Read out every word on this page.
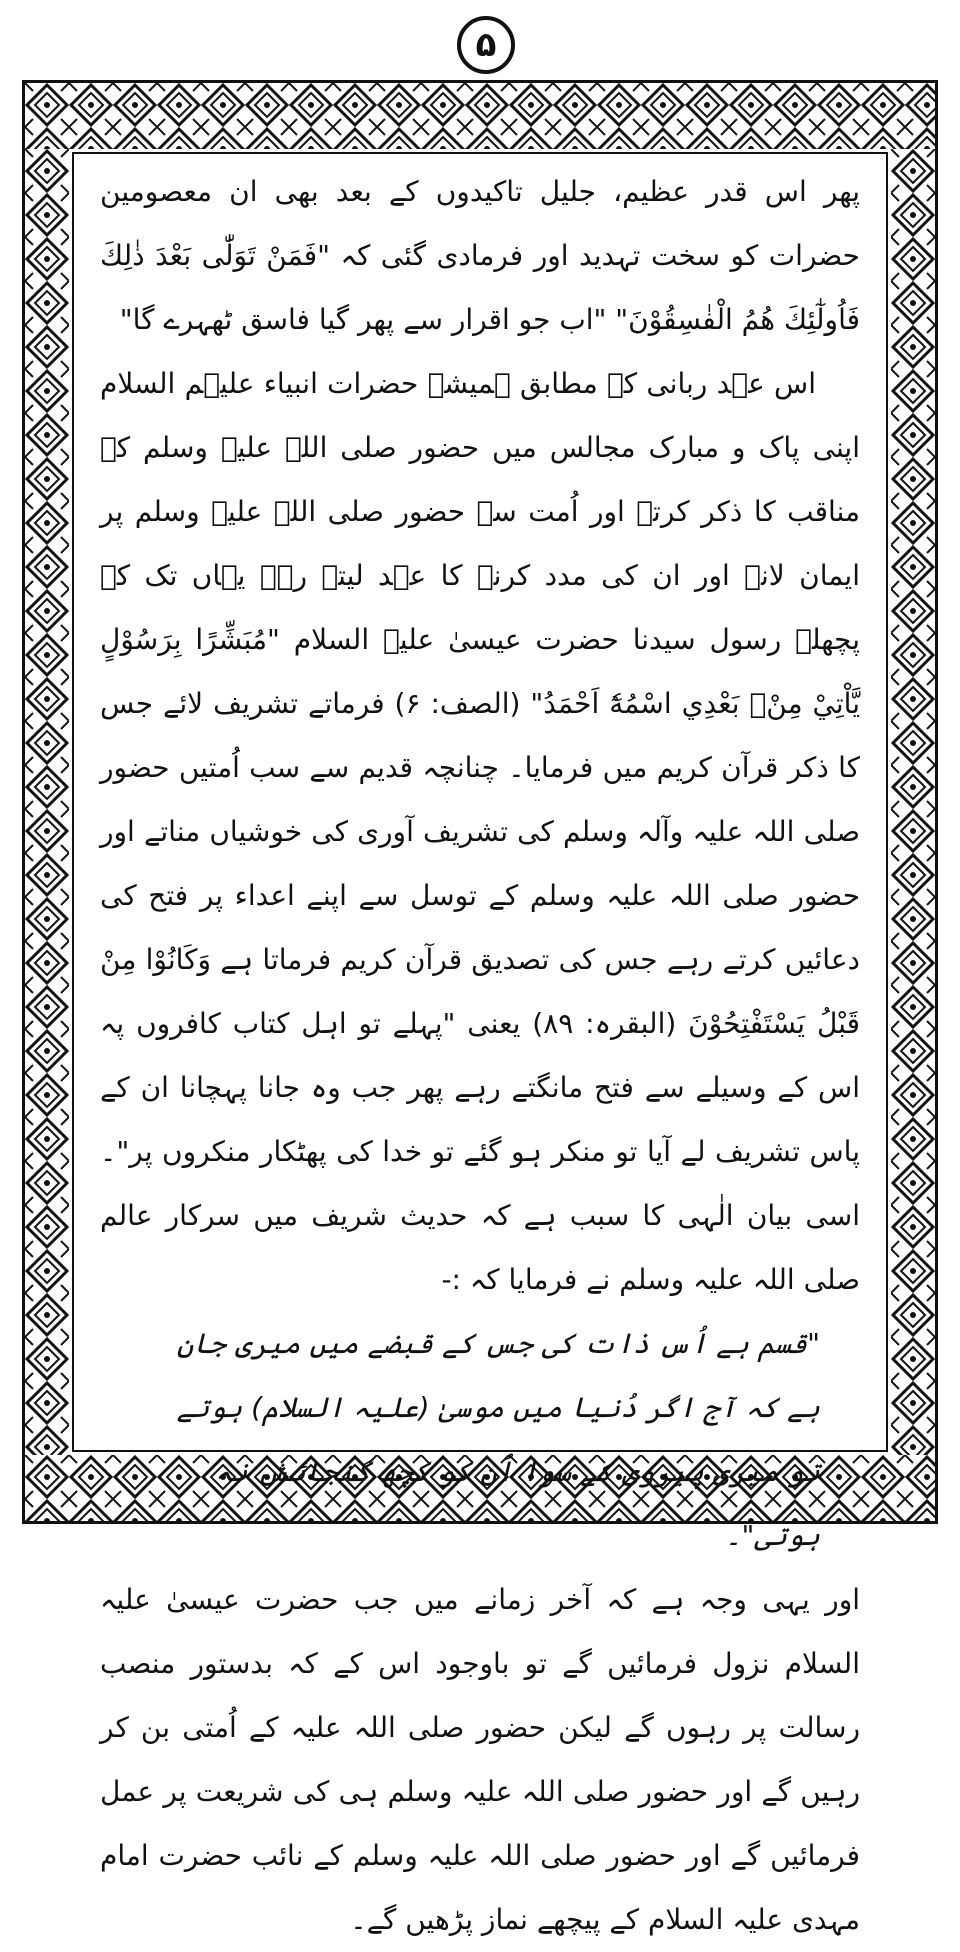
۵

پھر اس قدر عظیم، جلیل تاکیدوں کے بعد بھی ان معصومین حضرات کو سخت تہدید اور فرمادی گئی کہ "فَمَنْ تَوَلّٰی بَعْدَ ذٰلِكَ فَاُولٰٓئِكَ هُمُ الْفٰسِقُوْنَ" "اب جو اقرار سے پھر گیا فاسق ٹھہرے گا"

اس عہد ربانی کے مطابق ہمیشہ حضرات انبیاء علیہم السلام اپنی پاک و مبارک مجالس میں حضور صلی اللہ علیہ وسلم کے مناقب کا ذکر کرتے اور اُمت سے حضور صلی اللہ علیہ وسلم پر ایمان لانے اور ان کی مدد کرنے کا عہد لیتے رہے یہاں تک کہ پچھلے رسول سیدنا حضرت عیسیٰ علیہ السلام "مُبَشِّرًا بِرَسُوْلٍ يَّاْتِيْ مِنْۢ بَعْدِي اسْمُهٗٓ اَحْمَدُ" (الصف: ۶) فرماتے تشریف لائے جس کا ذکر قرآن کریم میں فرمایا۔ چنانچہ قدیم سے سب اُمتیں حضور صلی اللہ علیہ وآلہ وسلم کی تشریف آوری کی خوشیاں مناتے اور حضور صلی اللہ علیہ وسلم کے توسل سے اپنے اعداء پر فتح کی دعائیں کرتے رہے جس کی تصدیق قرآن کریم فرماتا ہے وَكَانُوْا مِنْ قَبْلُ يَسْتَفْتِحُوْنَ (البقرہ: ۸۹) یعنی "پہلے تو اہل کتاب کافروں پہ اس کے وسیلے سے فتح مانگتے رہے پھر جب وہ جانا پہچانا ان کے پاس تشریف لے آیا تو منکر ہو گئے تو خدا کی پھٹکار منکروں پر"۔ اسی بیان الٰہی کا سبب ہے کہ حدیث شریف میں سرکار عالم صلی اللہ علیہ وسلم نے فرمایا کہ :-

"قسم ہے اُس ذات کی جس کے قبضے میں میری جان ہے کہ آج اگر دُنیا میں موسیٰ (علیہ السلام) ہوتے تو میری پیروی کے سوا اُن کو کچھ گنجائش نہ ہوتی"۔

اور یہی وجہ ہے کہ آخر زمانے میں جب حضرت عیسیٰ علیہ السلام نزول فرمائیں گے تو باوجود اس کے کہ بدستور منصب رسالت پر رہوں گے لیکن حضور صلی اللہ علیہ کے اُمتی بن کر رہیں گے اور حضور صلی اللہ علیہ وسلم ہی کی شریعت پر عمل فرمائیں گے اور حضور صلی اللہ علیہ وسلم کے نائب حضرت امام مہدی علیہ السلام کے پیچھے نماز پڑھیں گے۔
